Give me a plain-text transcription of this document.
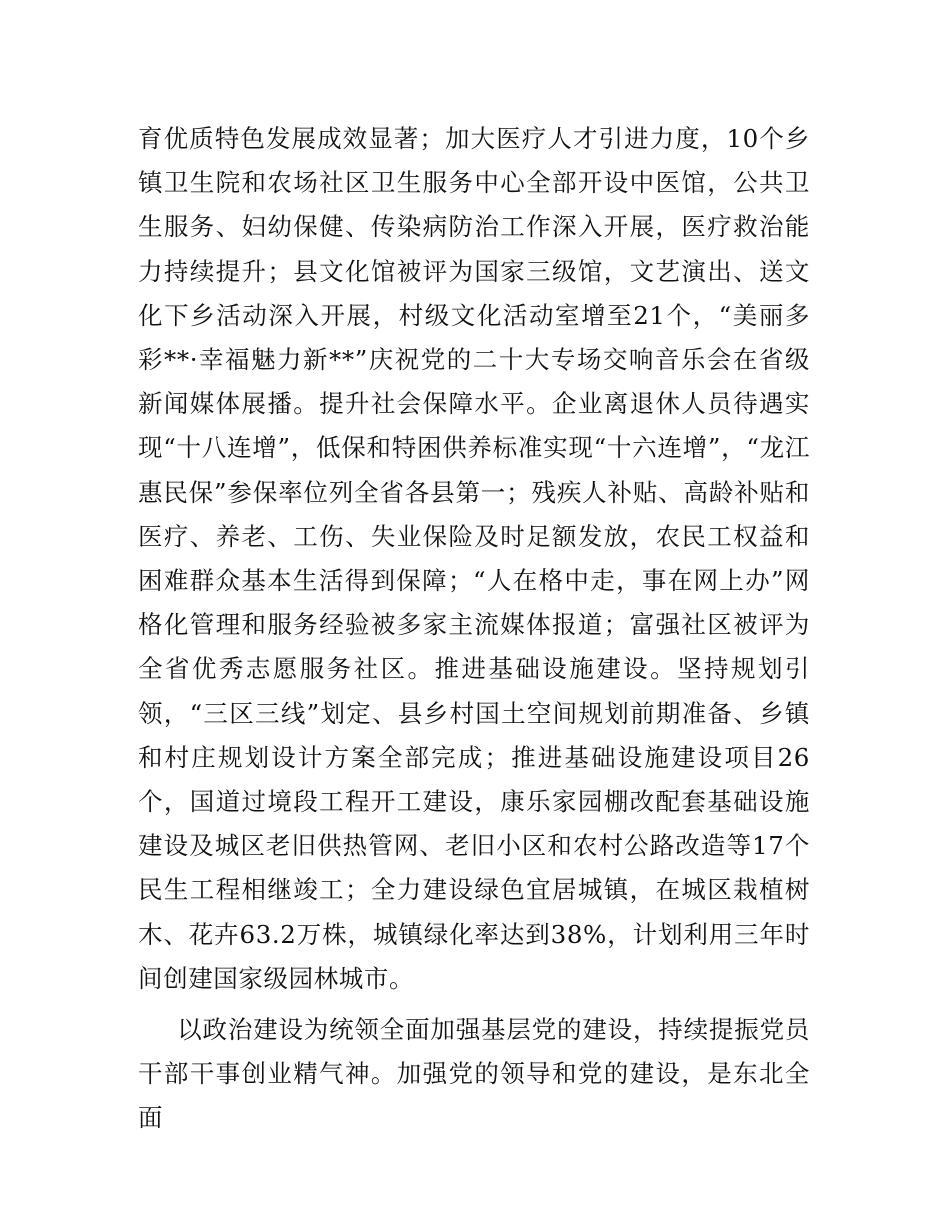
育优质特色发展成效显著；加大医疗人才引进力度，10个乡镇卫生院和农场社区卫生服务中心全部开设中医馆，公共卫生服务、妇幼保健、传染病防治工作深入开展，医疗救治能力持续提升；县文化馆被评为国家三级馆，文艺演出、送文化下乡活动深入开展，村级文化活动室增至21个，“美丽多彩**·幸福魅力新**”庆祝党的二十大专场交响音乐会在省级新闻媒体展播。提升社会保障水平。企业离退休人员待遇实现“十八连增”，低保和特困供养标准实现“十六连增”，“龙江惠民保”参保率位列全省各县第一；残疾人补贴、高龄补贴和医疗、养老、工伤、失业保险及时足额发放，农民工权益和困难群众基本生活得到保障；“人在格中走，事在网上办”网格化管理和服务经验被多家主流媒体报道；富强社区被评为全省优秀志愿服务社区。推进基础设施建设。坚持规划引领，“三区三线”划定、县乡村国土空间规划前期准备、乡镇和村庄规划设计方案全部完成；推进基础设施建设项目26个，国道过境段工程开工建设，康乐家园棚改配套基础设施建设及城区老旧供热管网、老旧小区和农村公路改造等17个民生工程相继竣工；全力建设绿色宜居城镇，在城区栽植树木、花卉63.2万株，城镇绿化率达到38%，计划利用三年时间创建国家级园林城市。

以政治建设为统领全面加强基层党的建设，持续提振党员干部干事创业精气神。加强党的领导和党的建设，是东北全面
